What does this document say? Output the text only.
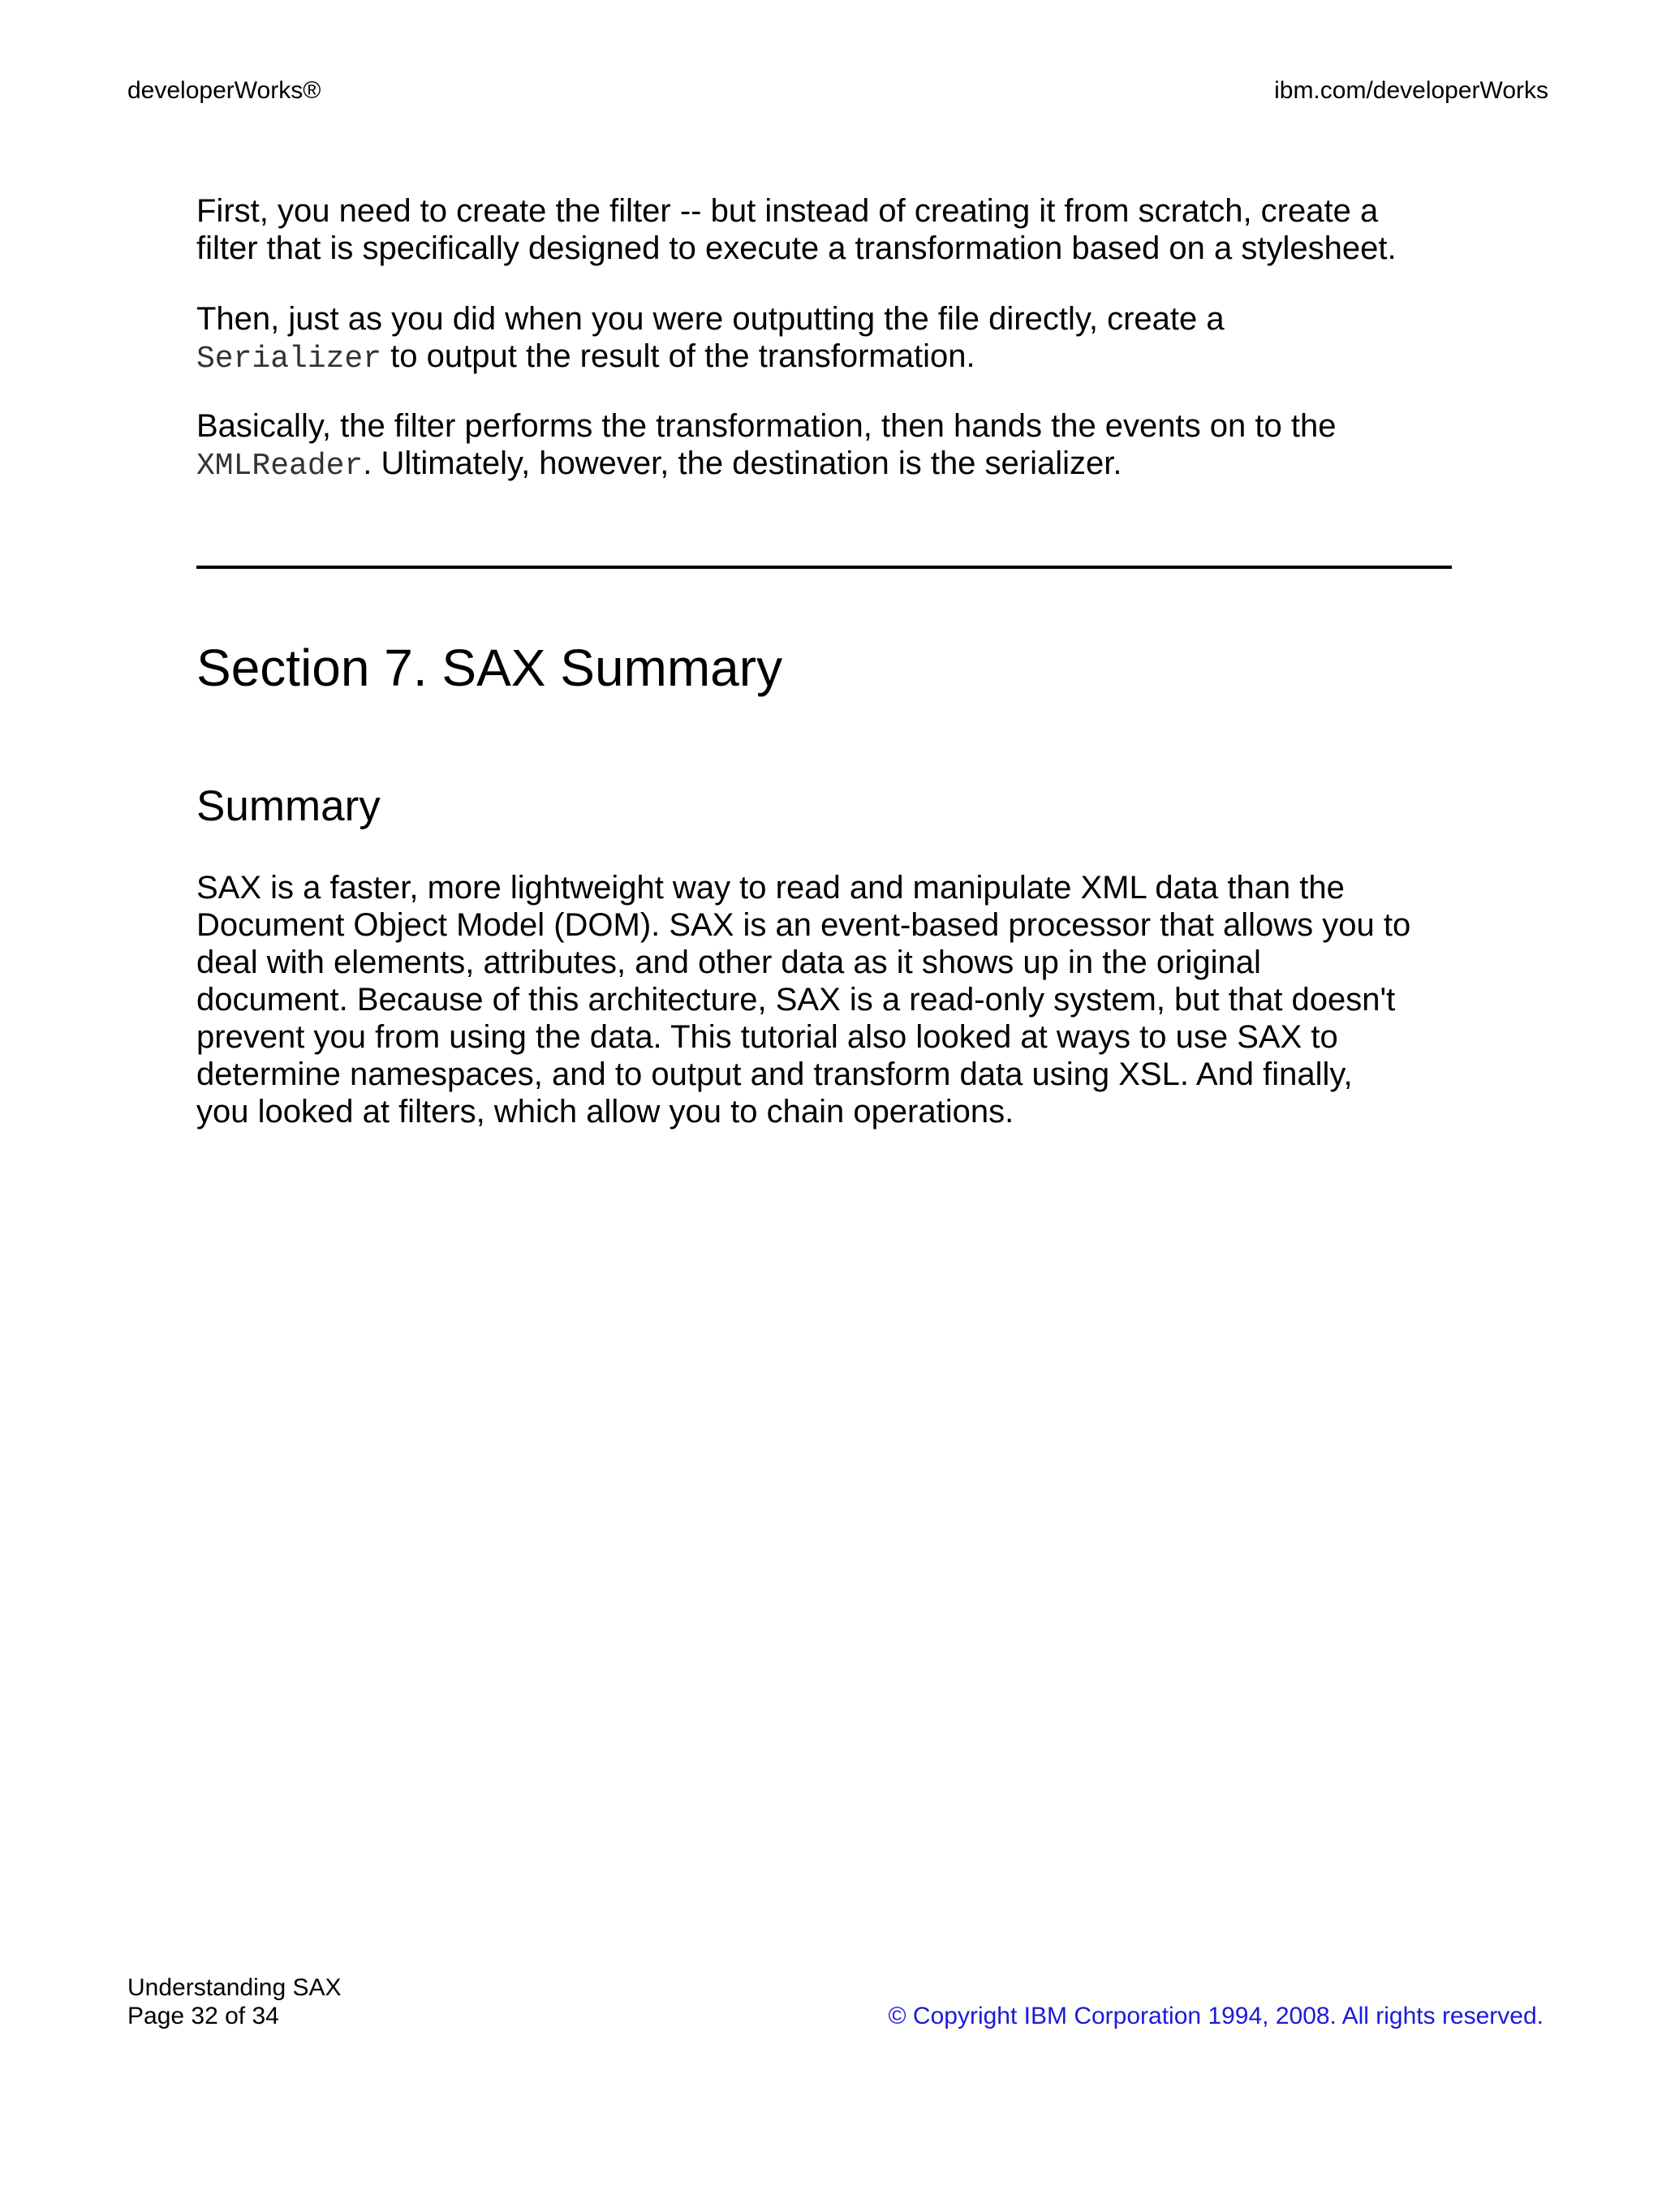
developerWorks®	ibm.com/developerWorks
First, you need to create the filter -- but instead of creating it from scratch, create a
filter that is specifically designed to execute a transformation based on a stylesheet.
Then, just as you did when you were outputting the file directly, create a
Serializer to output the result of the transformation.
Basically, the filter performs the transformation, then hands the events on to the
XMLReader. Ultimately, however, the destination is the serializer.
SAX is a faster, more lightweight way to read and manipulate XML data than the
Document Object Model (DOM). SAX is an event-based processor that allows you to
deal with elements, attributes, and other data as it shows up in the original
document. Because of this architecture, SAX is a read-only system, but that doesn't
prevent you from using the data. This tutorial also looked at ways to use SAX to
determine namespaces, and to output and transform data using XSL. And finally,
you looked at filters, which allow you to chain operations.
Section 7. SAX Summary
Summary
Understanding SAX
Page 32 of 34	© Copyright IBM Corporation 1994, 2008. All rights reserved.
